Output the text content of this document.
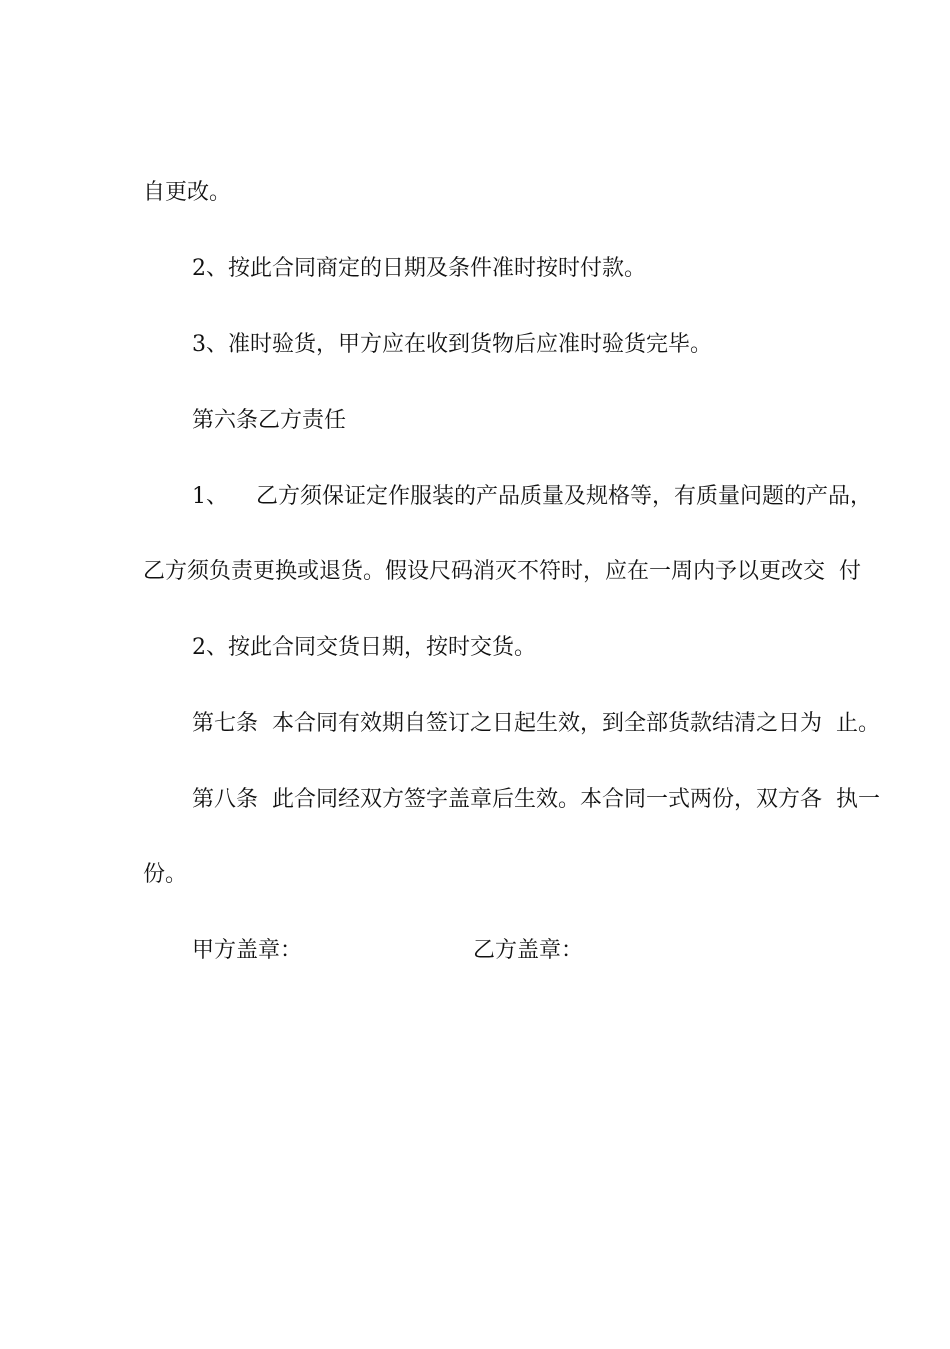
自更改。
2、按此合同商定的日期及条件准时按时付款。
3、准时验货，甲方应在收到货物后应准时验货完毕。
第六条乙方责任
1、    乙方须保证定作服装的产品质量及规格等，有质量问题的产品，
乙方须负责更换或退货。假设尺码消灭不符时，应在一周内予以更改交  付
2、按此合同交货日期，按时交货。
第七条  本合同有效期自签订之日起生效，到全部货款结清之日为  止。
第八条  此合同经双方签字盖章后生效。本合同一式两份，双方各  执一
份。
甲方盖章：	乙方盖章：
